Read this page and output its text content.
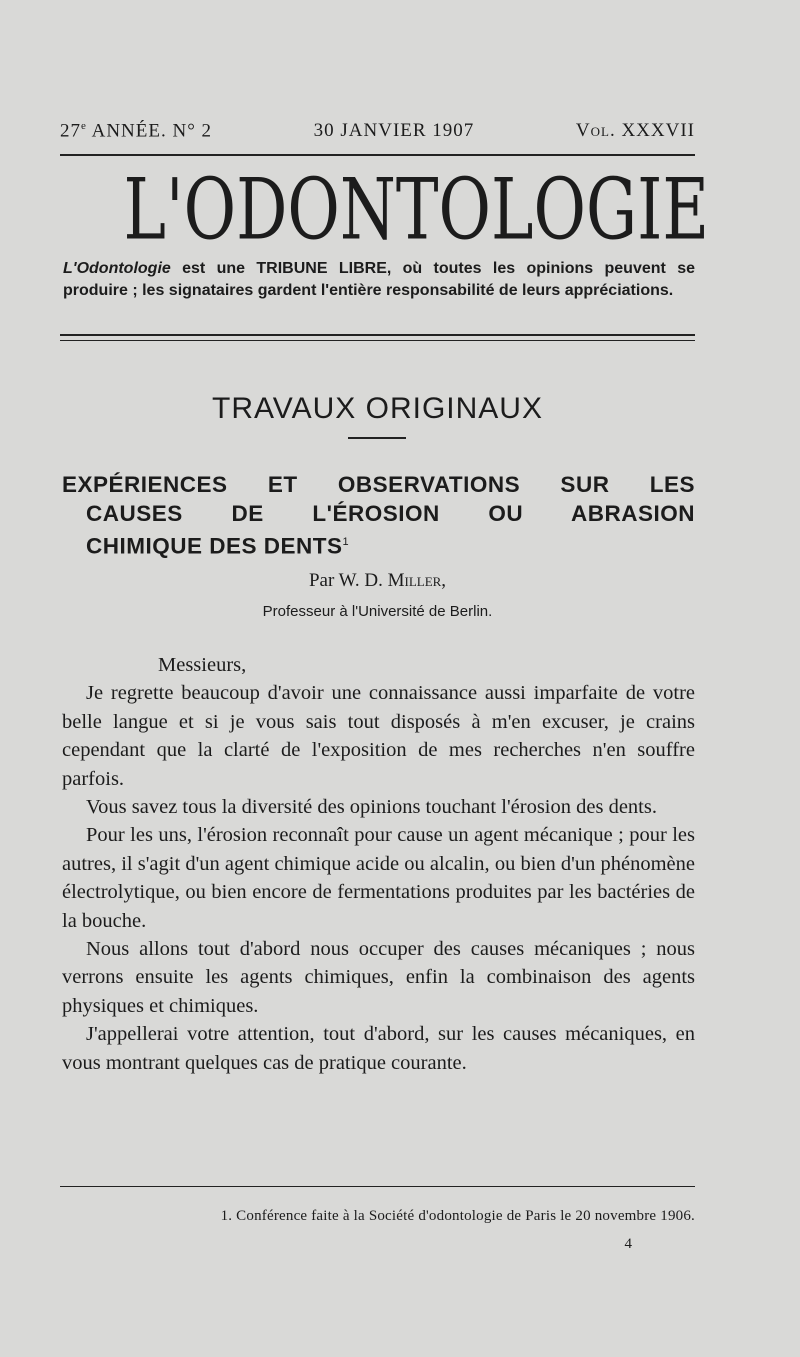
27e ANNÉE. N° 2	30 JANVIER 1907	Vol. XXXVII
L'ODONTOLOGIE
L'Odontologie est une TRIBUNE LIBRE, où toutes les opinions peuvent se produire ; les signataires gardent l'entière responsabilité de leurs appréciations.
TRAVAUX ORIGINAUX
EXPÉRIENCES ET OBSERVATIONS SUR LES
CAUSES DE L'ÉROSION OU ABRASION
CHIMIQUE DES DENTS$^1$
Par W. D. Miller,
Professeur à l'Université de Berlin.

Messieurs,

Je regrette beaucoup d'avoir une connaissance aussi imparfaite de votre belle langue et si je vous sais tout disposés à m'en excuser, je crains cependant que la clarté de l'exposition de mes recherches n'en souffre parfois.

Vous savez tous la diversité des opinions touchant l'érosion des dents.

Pour les uns, l'érosion reconnaît pour cause un agent mécanique ; pour les autres, il s'agit d'un agent chimique acide ou alcalin, ou bien d'un phénomène électrolytique, ou bien encore de fermentations produites par les bactéries de la bouche.

Nous allons tout d'abord nous occuper des causes mécaniques ; nous verrons ensuite les agents chimiques, enfin la combinaison des agents physiques et chimiques.

J'appellerai votre attention, tout d'abord, sur les causes mécaniques, en vous montrant quelques cas de pratique courante.

1. Conférence faite à la Société d'odontologie de Paris le 20 novembre 1906.
4
